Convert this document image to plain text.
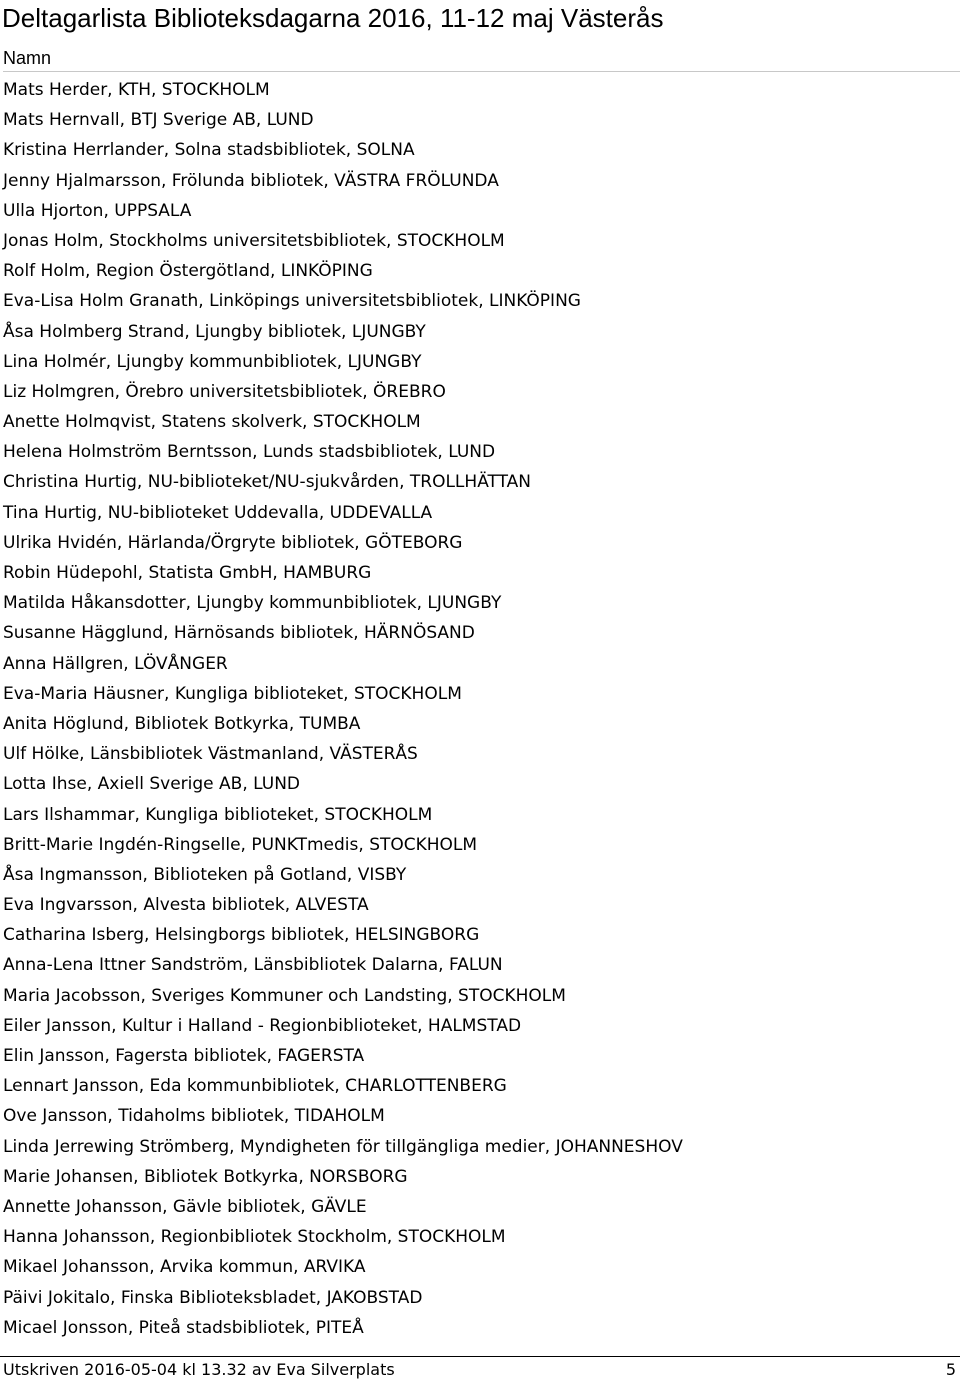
Deltagarlista Biblioteksdagarna 2016, 11-12 maj Västerås
Namn
Mats Herder, KTH, STOCKHOLM
Mats Hernvall, BTJ Sverige AB, LUND
Kristina Herrlander, Solna stadsbibliotek, SOLNA
Jenny Hjalmarsson, Frölunda bibliotek, VÄSTRA FRÖLUNDA
Ulla Hjorton, UPPSALA
Jonas Holm, Stockholms universitetsbibliotek, STOCKHOLM
Rolf Holm, Region Östergötland, LINKÖPING
Eva-Lisa Holm Granath, Linköpings universitetsbibliotek, LINKÖPING
Åsa Holmberg Strand, Ljungby bibliotek, LJUNGBY
Lina Holmér, Ljungby kommunbibliotek, LJUNGBY
Liz Holmgren, Örebro universitetsbibliotek, ÖREBRO
Anette Holmqvist, Statens skolverk, STOCKHOLM
Helena Holmström Berntsson, Lunds stadsbibliotek, LUND
Christina Hurtig, NU-biblioteket/NU-sjukvården, TROLLHÄTTAN
Tina Hurtig, NU-biblioteket Uddevalla, UDDEVALLA
Ulrika Hvidén, Härlanda/Örgryte bibliotek, GÖTEBORG
Robin Hüdepohl, Statista GmbH, HAMBURG
Matilda Håkansdotter, Ljungby kommunbibliotek, LJUNGBY
Susanne Hägglund, Härnösands bibliotek, HÄRNÖSAND
Anna Hällgren, LÖVÅNGER
Eva-Maria Häusner, Kungliga biblioteket, STOCKHOLM
Anita Höglund, Bibliotek Botkyrka, TUMBA
Ulf Hölke, Länsbibliotek Västmanland, VÄSTERÅS
Lotta Ihse, Axiell Sverige AB, LUND
Lars Ilshammar, Kungliga biblioteket, STOCKHOLM
Britt-Marie Ingdén-Ringselle, PUNKTmedis, STOCKHOLM
Åsa Ingmansson, Biblioteken på Gotland, VISBY
Eva Ingvarsson, Alvesta bibliotek, ALVESTA
Catharina Isberg, Helsingborgs bibliotek, HELSINGBORG
Anna-Lena Ittner Sandström, Länsbibliotek Dalarna, FALUN
Maria Jacobsson, Sveriges Kommuner och Landsting, STOCKHOLM
Eiler Jansson, Kultur i Halland - Regionbiblioteket, HALMSTAD
Elin Jansson, Fagersta bibliotek, FAGERSTA
Lennart Jansson, Eda kommunbibliotek, CHARLOTTENBERG
Ove Jansson, Tidaholms bibliotek, TIDAHOLM
Linda Jerrewing Strömberg, Myndigheten för tillgängliga medier, JOHANNESHOV
Marie Johansen, Bibliotek Botkyrka, NORSBORG
Annette Johansson, Gävle bibliotek, GÄVLE
Hanna Johansson, Regionbibliotek Stockholm, STOCKHOLM
Mikael Johansson, Arvika kommun, ARVIKA
Päivi Jokitalo, Finska Biblioteksbladet, JAKOBSTAD
Micael Jonsson, Piteå stadsbibliotek, PITEÅ
Utskriven 2016-05-04 kl 13.32 av Eva Silverplats	5
